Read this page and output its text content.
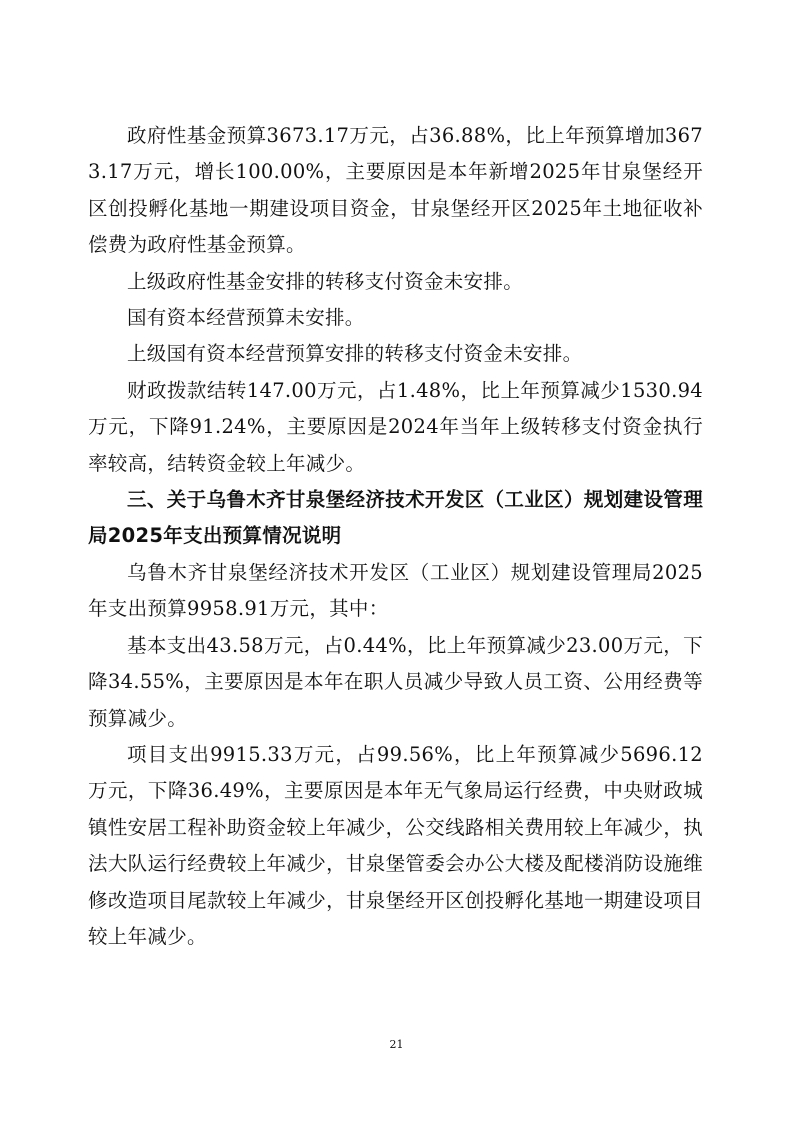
政府性基金预算3673.17万元，占36.88%，比上年预算增加3673.17万元，增长100.00%，主要原因是本年新增2025年甘泉堡经开区创投孵化基地一期建设项目资金，甘泉堡经开区2025年土地征收补偿费为政府性基金预算。

上级政府性基金安排的转移支付资金未安排。

国有资本经营预算未安排。

上级国有资本经营预算安排的转移支付资金未安排。

财政拨款结转147.00万元，占1.48%，比上年预算减少1530.94万元，下降91.24%，主要原因是2024年当年上级转移支付资金执行率较高，结转资金较上年减少。

三、关于乌鲁木齐甘泉堡经济技术开发区（工业区）规划建设管理局2025年支出预算情况说明

乌鲁木齐甘泉堡经济技术开发区（工业区）规划建设管理局2025年支出预算9958.91万元，其中：

基本支出43.58万元，占0.44%，比上年预算减少23.00万元，下降34.55%，主要原因是本年在职人员减少导致人员工资、公用经费等预算减少。

项目支出9915.33万元，占99.56%，比上年预算减少5696.12万元，下降36.49%，主要原因是本年无气象局运行经费，中央财政城镇性安居工程补助资金较上年减少，公交线路相关费用较上年减少，执法大队运行经费较上年减少，甘泉堡管委会办公大楼及配楼消防设施维修改造项目尾款较上年减少，甘泉堡经开区创投孵化基地一期建设项目较上年减少。

21
